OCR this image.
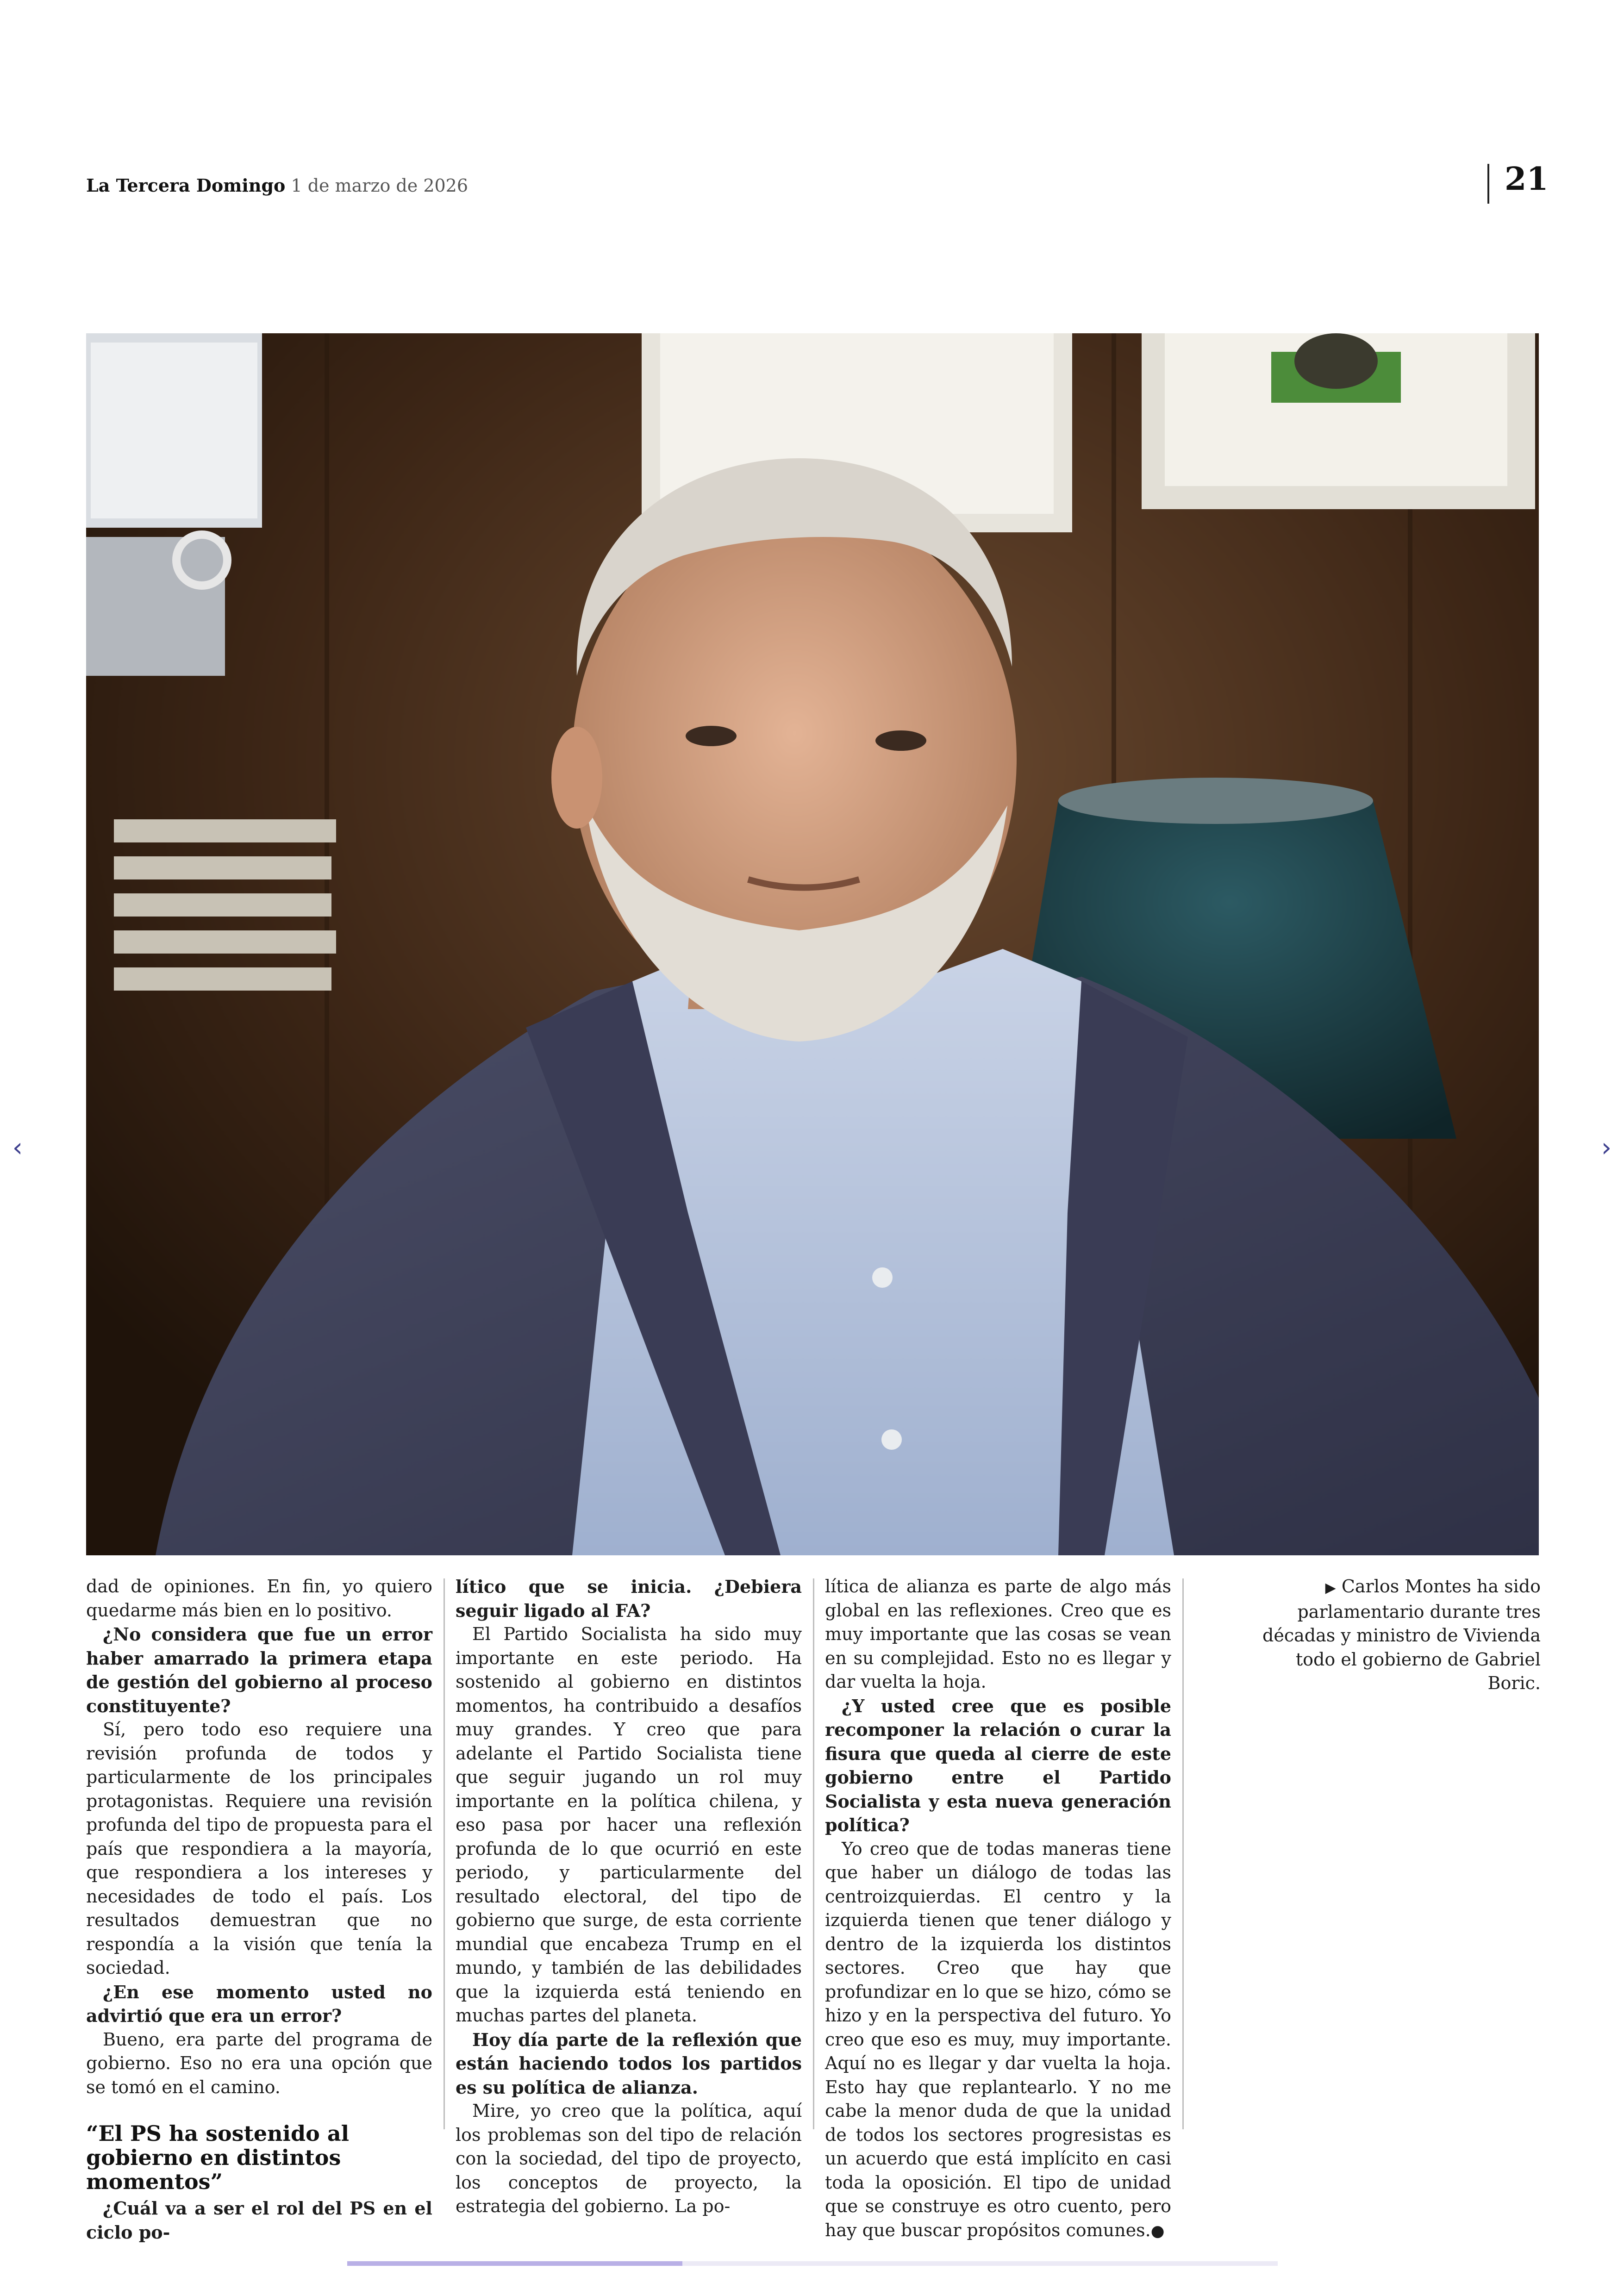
La Tercera Domingo 1 de marzo de 2026	21
‹	›

dad de opiniones. En fin, yo quiero quedarme más bien en lo positivo.

¿No considera que fue un error haber amarrado la primera etapa de gestión del gobierno al proceso constituyente?

Sí, pero todo eso requiere una revisión profunda de todos y particularmente de los principales protagonistas. Requiere una revisión profunda del tipo de propuesta para el país que respondiera a la mayoría, que respondiera a los intereses y necesidades de todo el país. Los resultados demuestran que no respondía a la visión que tenía la sociedad.

¿En ese momento usted no advirtió que era un error?

Bueno, era parte del programa de gobierno. Eso no era una opción que se tomó en el camino.

“El PS ha sostenido al gobierno en distintos momentos”

¿Cuál va a ser el rol del PS en el ciclo po-

lítico que se inicia. ¿Debiera seguir ligado al FA?

El Partido Socialista ha sido muy importante en este periodo. Ha sostenido al gobierno en distintos momentos, ha contribuido a desafíos muy grandes. Y creo que para adelante el Partido Socialista tiene que seguir jugando un rol muy importante en la política chilena, y eso pasa por hacer una reflexión profunda de lo que ocurrió en este periodo, y particularmente del resultado electoral, del tipo de gobierno que surge, de esta corriente mundial que encabeza Trump en el mundo, y también de las debilidades que la izquierda está teniendo en muchas partes del planeta.

Hoy día parte de la reflexión que están haciendo todos los partidos es su política de alianza.

Mire, yo creo que la política, aquí los problemas son del tipo de relación con la sociedad, del tipo de proyecto, los conceptos de proyecto, la estrategia del gobierno. La po-

lítica de alianza es parte de algo más global en las reflexiones. Creo que es muy importante que las cosas se vean en su complejidad. Esto no es llegar y dar vuelta la hoja.

¿Y usted cree que es posible recomponer la relación o curar la fisura que queda al cierre de este gobierno entre el Partido Socialista y esta nueva generación política?

Yo creo que de todas maneras tiene que haber un diálogo de todas las centroizquierdas. El centro y la izquierda tienen que tener diálogo y dentro de la izquierda los distintos sectores. Creo que hay que profundizar en lo que se hizo, cómo se hizo y en la perspectiva del futuro. Yo creo que eso es muy, muy importante. Aquí no es llegar y dar vuelta la hoja. Esto hay que replantearlo. Y no me cabe la menor duda de que la unidad de todos los sectores progresistas es un acuerdo que está implícito en casi toda la oposición. El tipo de unidad que se construye es otro cuento, pero hay que buscar propósitos comunes.●

▶ Carlos Montes ha sido parlamentario durante tres décadas y ministro de Vivienda todo el gobierno de Gabriel Boric.
